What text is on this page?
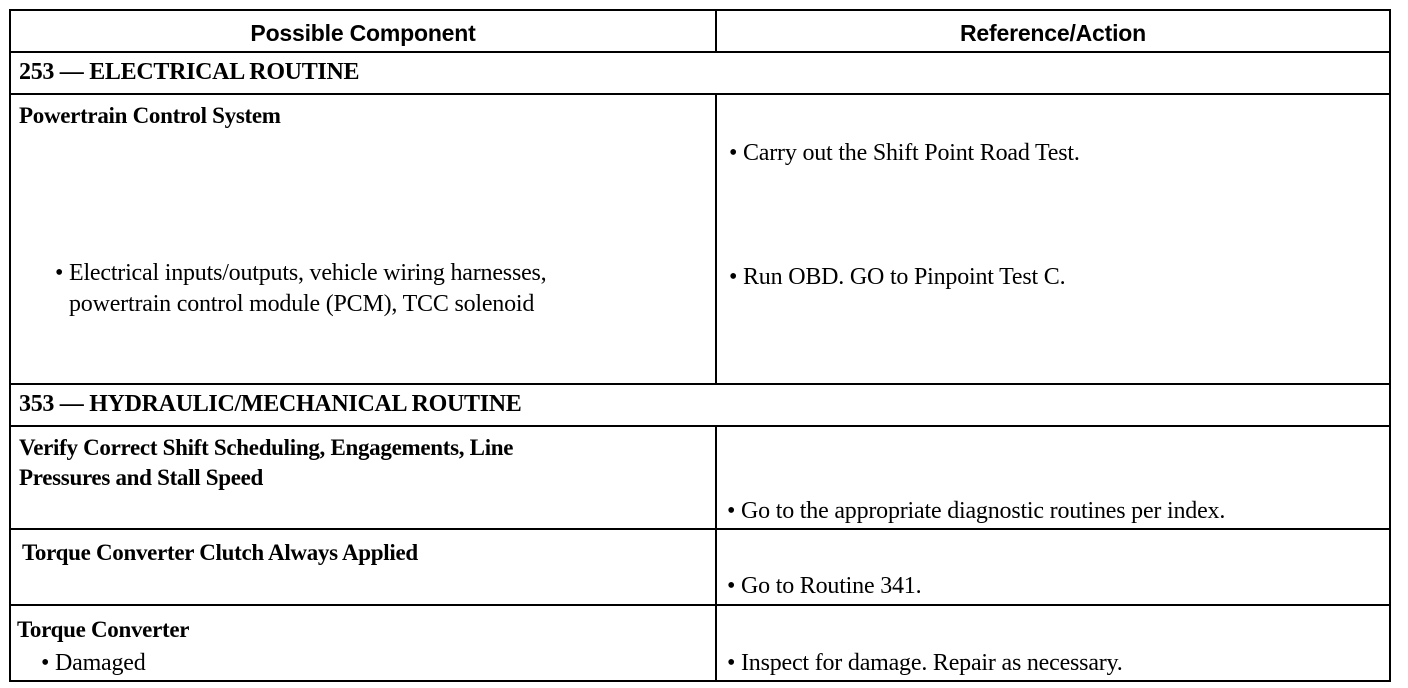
Possible Component	Reference/Action
253 — ELECTRICAL ROUTINE
Powertrain Control System
• Electrical inputs/outputs, vehicle wiring harnesses,
powertrain control module (PCM), TCC solenoid
• Carry out the Shift Point Road Test.
• Run OBD. GO to Pinpoint Test C.
353 — HYDRAULIC/MECHANICAL ROUTINE
Verify Correct Shift Scheduling, Engagements, Line
Pressures and Stall Speed
• Go to the appropriate diagnostic routines per index.
Torque Converter Clutch Always Applied
• Go to Routine 341.
Torque Converter
• Damaged	• Inspect for damage. Repair as necessary.
